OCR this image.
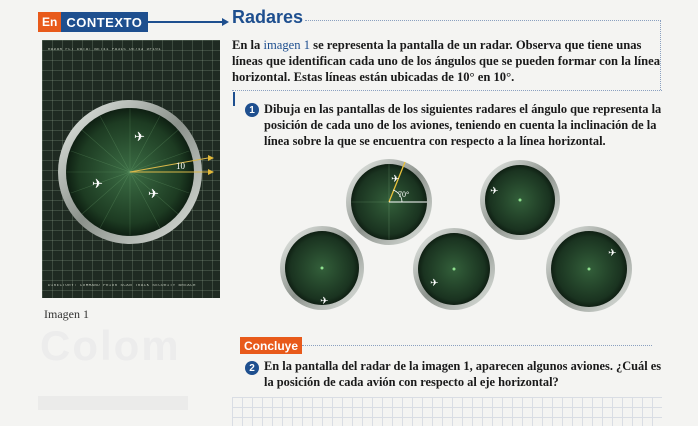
En CONTEXTO
RADAR FLT DATA: BE741 PA315 DE743 DF101
10
✈
✈
✈
DIRECTORY: COMMAND PRIOR SCAN TRACK SECURITY BREACH
Imagen 1
Colom
Radares

En la imagen 1 se representa la pantalla de un radar. Observa que tiene unas líneas que identifican cada uno de los ángulos que se pueden formar con la línea horizontal. Estas líneas están ubicadas de 10° en 10°.

1 Dibuja en las pantallas de los siguientes radares el ángulo que representa la posición de cada uno de los aviones, teniendo en cuenta la inclinación de la línea sobre la que se encuentra con respecto a la línea horizontal.

70°
✈
✈
✈
✈
✈
Concluye
2 En la pantalla del radar de la imagen 1, aparecen algunos aviones. ¿Cuál es la posición de cada avión con respecto al eje horizontal?
